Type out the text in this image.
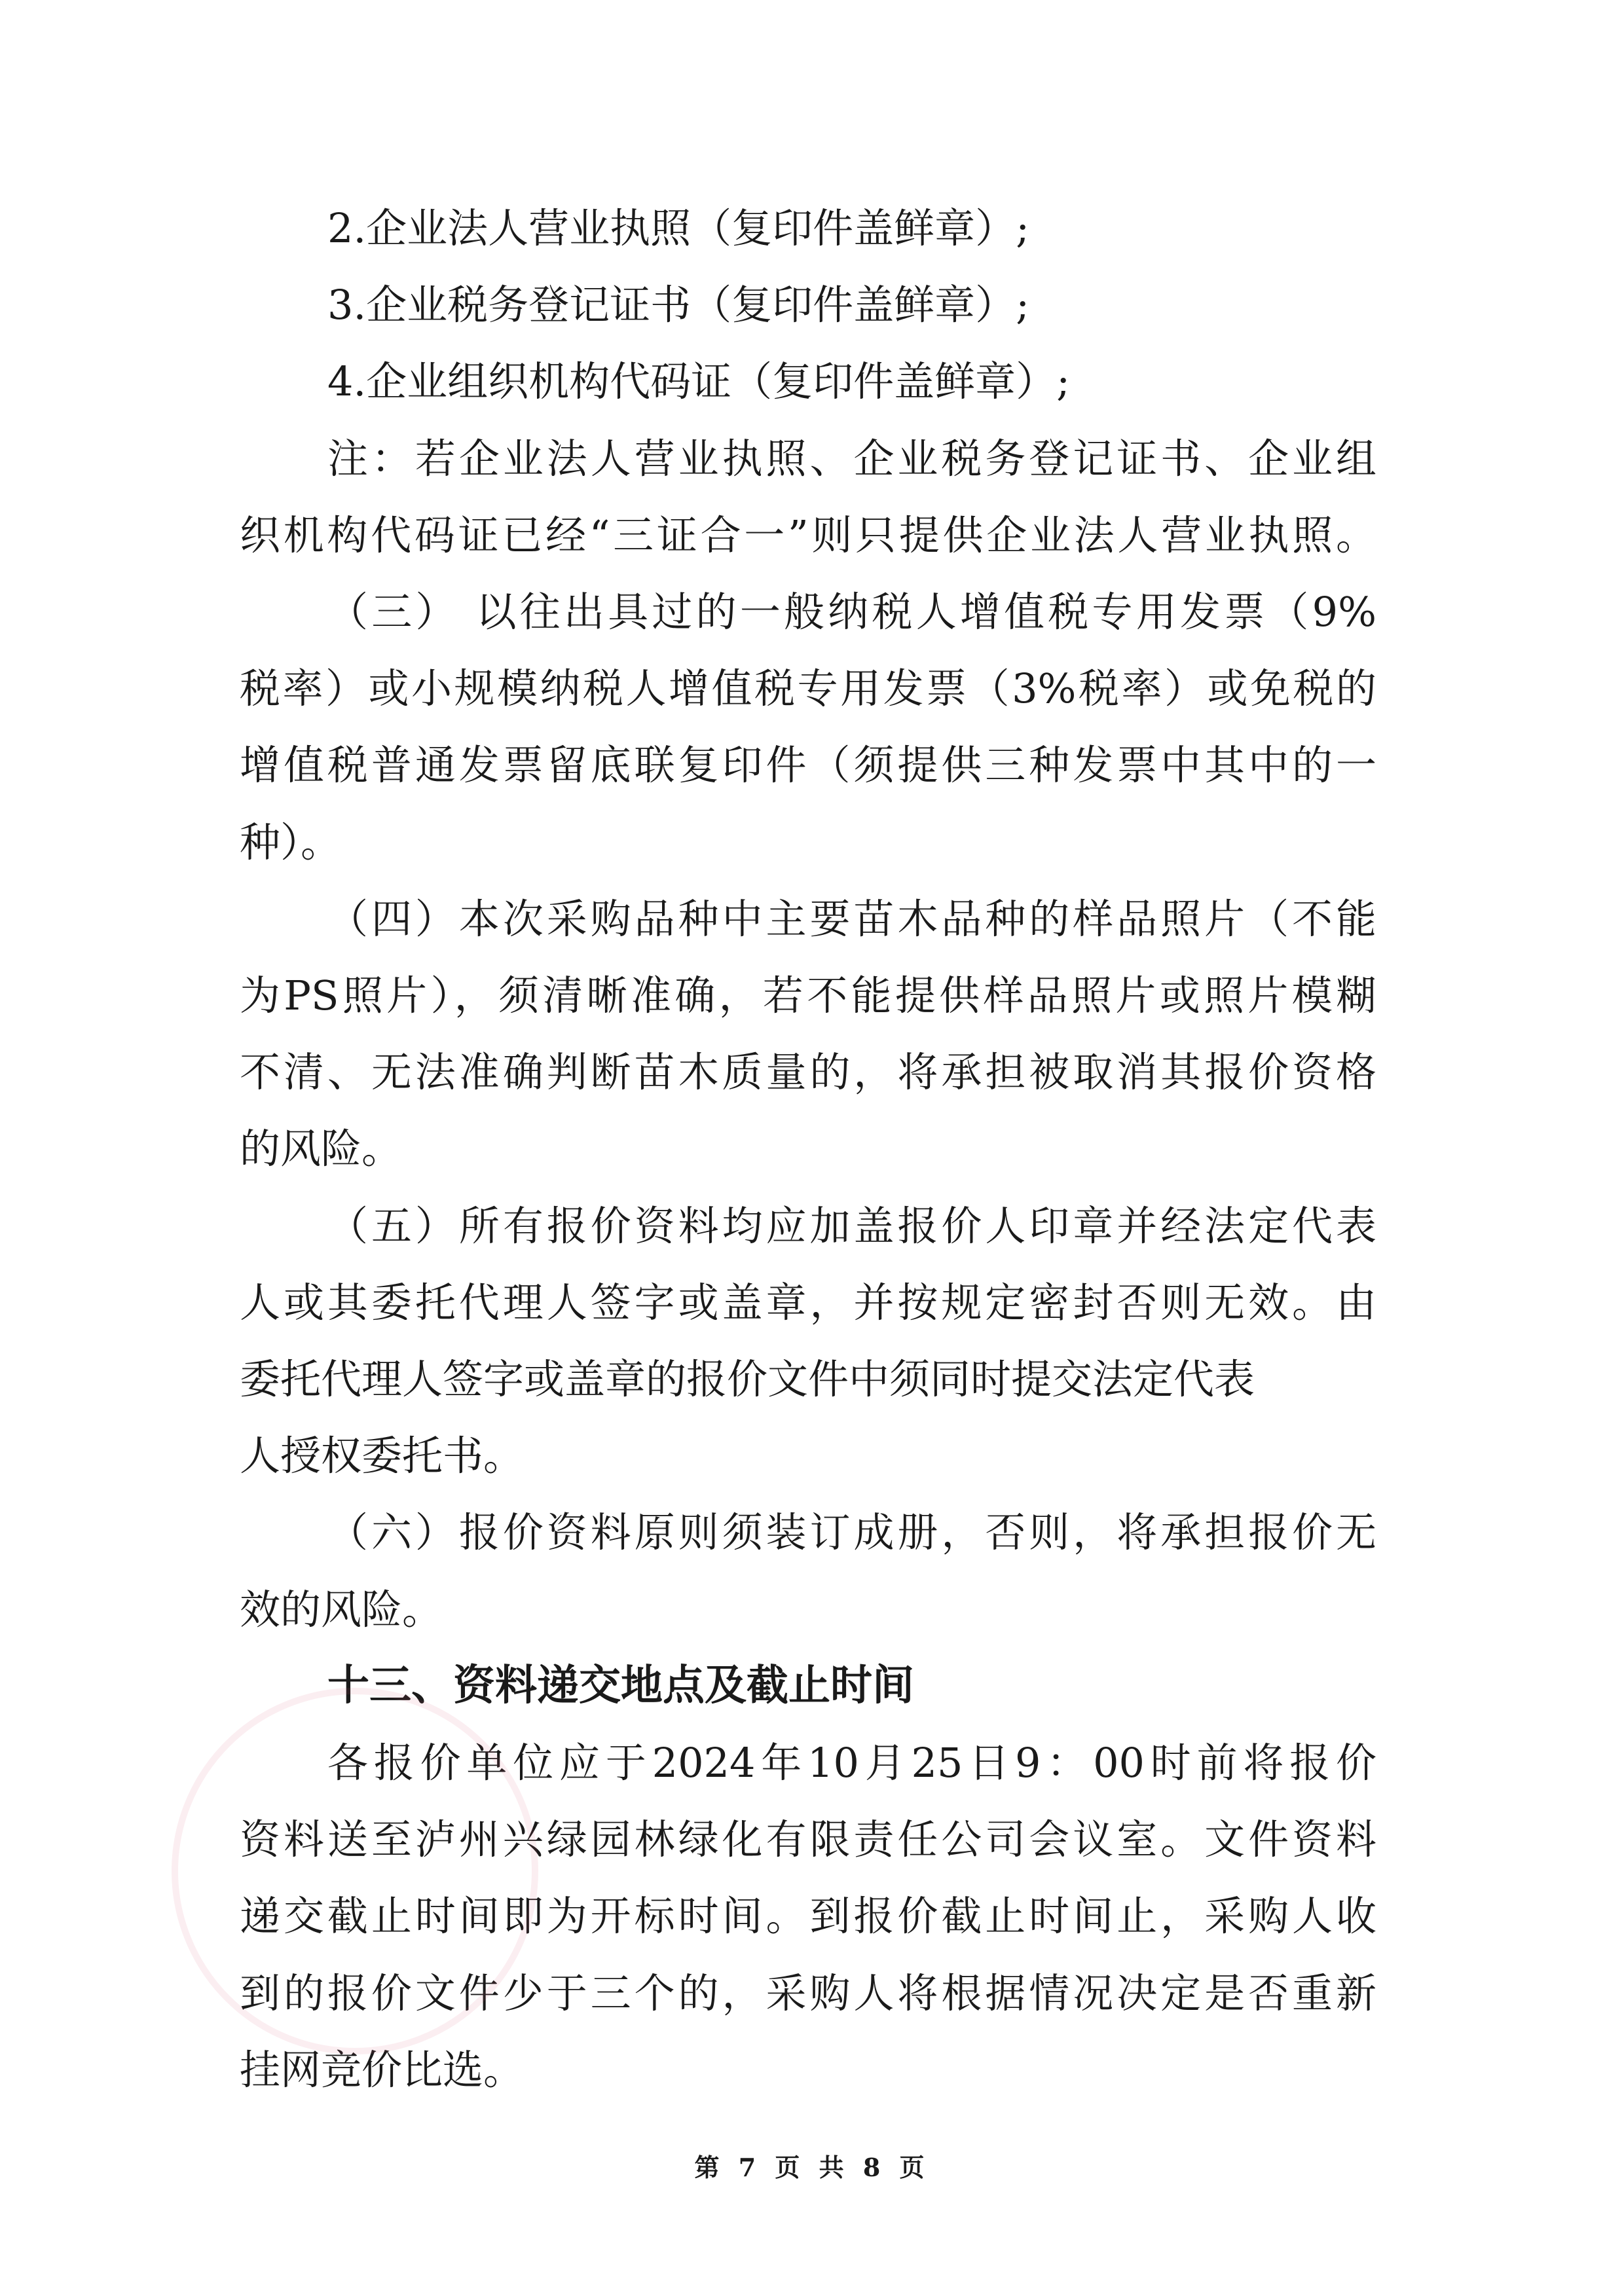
2.企业法人营业执照（复印件盖鲜章）;
3.企业税务登记证书（复印件盖鲜章）;
4.企业组织机构代码证（复印件盖鲜章）;
注：若企业法人营业执照、企业税务登记证书、企业组
织机构代码证已经“三证合一”则只提供企业法人营业执照。
（三） 以往出具过的一般纳税人增值税专用发票（9%
税率）或小规模纳税人增值税专用发票（3%税率）或免税的
增值税普通发票留底联复印件（须提供三种发票中其中的一
种）。
（四）本次采购品种中主要苗木品种的样品照片（不能
为PS照片），须清晰准确，若不能提供样品照片或照片模糊
不清、无法准确判断苗木质量的，将承担被取消其报价资格
的风险。
（五）所有报价资料均应加盖报价人印章并经法定代表
人或其委托代理人签字或盖章，并按规定密封否则无效。由
委托代理人签字或盖章的报价文件中须同时提交法定代表
人授权委托书。
（六）报价资料原则须装订成册，否则，将承担报价无
效的风险。
十三、资料递交地点及截止时间
各报价单位应于2024年10月25日9：00时前将报价
资料送至泸州兴绿园林绿化有限责任公司会议室。文件资料
递交截止时间即为开标时间。到报价截止时间止，采购人收
到的报价文件少于三个的，采购人将根据情况决定是否重新
挂网竞价比选。
第 7 页 共 8 页
